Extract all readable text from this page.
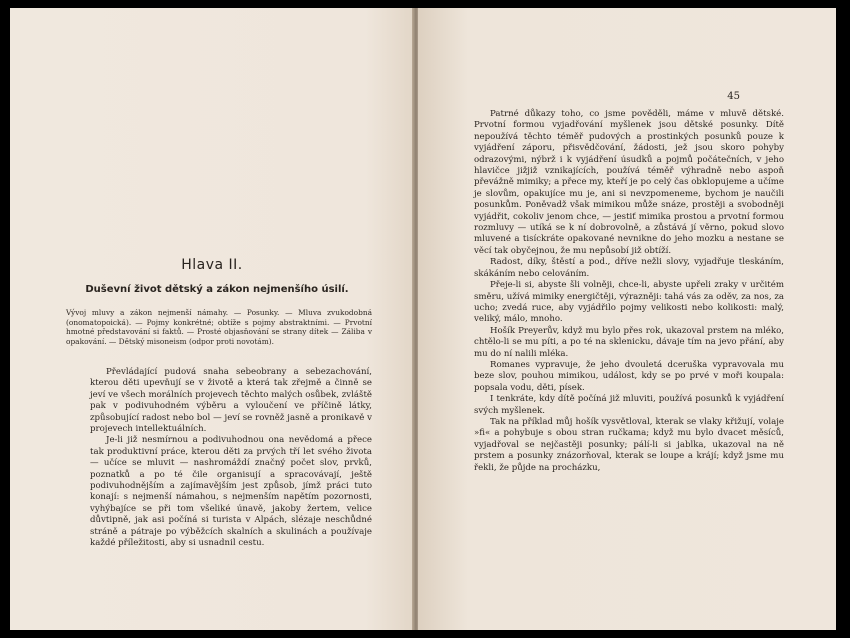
Hlava II.
Duševní život dětský a zákon nejmenšího úsilí.

Vývoj mluvy a zákon nejmenší námahy. — Posunky. — Mluva zvukodobná (onomatopoická). — Pojmy konkrétné; obtíže s pojmy abstraktními. — Prvotní hmotné představování si faktů. — Prosté objasňování se strany dítek — Záliba v opakování. — Dětský misoneism (odpor proti novotám).

Převládající pudová snaha sebeobrany a sebezachování, kterou děti upevňují se v životě a která tak zřejmě a činně se jeví ve všech morálních projevech těchto malých osůbek, zvláště pak v podivuhodném výběru a vyloučení ve příčině látky, způsobující radost nebo bol — jeví se rovněž jasně a pronikavě v projevech intellektuálních.

Je-li již nesmírnou a podivuhodnou ona nevědomá a přece tak produktivní práce, kterou děti za prvých tří let svého života — učíce se mluvit — nashromáždí značný počet slov, prvků, poznatků a po té čile organisují a spracovávají, ještě podivuhodnějším a zajímavějším jest způsob, jímž práci tuto konají: s nejmenší námahou, s nejmenším napětím pozornosti, vyhýbajíce se při tom všeliké únavě, jakoby žertem, velice důvtipně, jak asi počíná si turista v Alpách, slézaje neschůdné stráně a pátraje po výběžcích skalních a skulinách a používaje každé příležitosti, aby si usnadnil cestu.

45

Patrné důkazy toho, co jsme pověděli, máme v mluvě dětské. Prvotní formou vyjadřování myšlenek jsou dětské posunky. Dítě nepoužívá těchto téměř pudových a prostinkých posunků pouze k vyjádření záporu, přisvědčování, žádosti, jež jsou skoro pohyby odrazovými, nýbrž i k vyjádření úsudků a pojmů počátečních, v jeho hlavičce jižjiž vznikajících, používá téměř výhradně nebo aspoň převážně mimiky; a přece my, kteří je po celý čas obklopujeme a učíme je slovům, opakujíce mu je, ani si nevzpomeneme, bychom je naučili posunkům. Poněvadž však mimikou může snáze, prostěji a svobodněji vyjádřit, cokoliv jenom chce, — jestiť mimika prostou a prvotní formou rozmluvy — utíká se k ní dobrovolně, a zůstává jí věrno, pokud slovo mluvené a tisíckráte opakované nevnikne do jeho mozku a nestane se věcí tak obyčejnou, že mu nepůsobí již obtíží.

Radost, díky, štěstí a pod., dříve nežli slovy, vyjadřuje tleskáním, skákáním nebo celováním.

Přeje-li si, abyste šli volněji, chce-li, abyste upřeli zraky v určitém směru, užívá mimiky energičtěji, výrazněji: tahá vás za oděv, za nos, za ucho; zvedá ruce, aby vyjádřilo pojmy velikosti nebo kolikosti: malý, veliký, málo, mnoho.

Hošík Preyerův, když mu bylo přes rok, ukazoval prstem na mléko, chtělo-li se mu píti, a po té na sklenicku, dávaje tím na jevo přání, aby mu do ní nalili mléka.

Romanes vypravuje, že jeho dvouletá dceruška vypravovala mu beze slov, pouhou mimikou, událost, kdy se po prvé v moři koupala: popsala vodu, děti, písek.

I tenkráte, kdy dítě počíná již mluviti, používá posunků k vyjádření svých myšlenek.

Tak na příklad můj hošík vysvětloval, kterak se vlaky křižují, volaje »fi« a pohybuje s obou stran ručkama; když mu bylo dvacet měsíců, vyjadřoval se nejčastěji posunky; pálí-li si jablka, ukazoval na ně prstem a posunky znázorňoval, kterak se loupe a krájí; když jsme mu řekli, že půjde na procházku,
